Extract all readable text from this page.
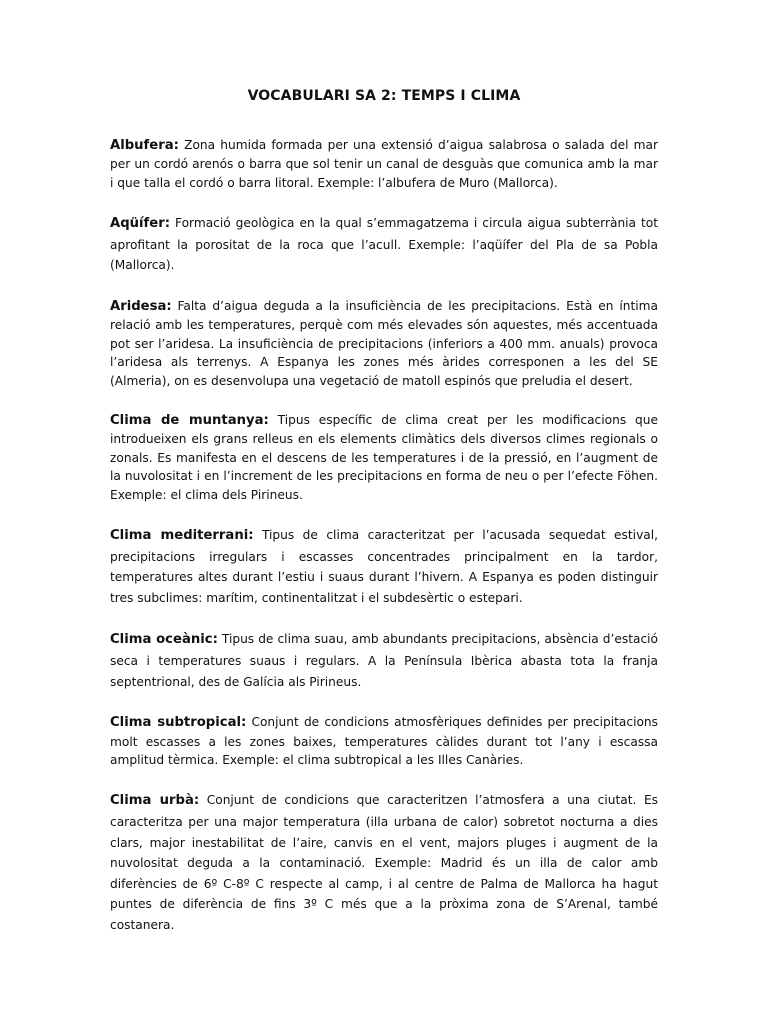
VOCABULARI SA 2: TEMPS I CLIMA

Albufera: Zona humida formada per una extensió d’aigua salabrosa o salada del mar per un cordó arenós o barra que sol tenir un canal de desguàs que comunica amb la mar i que talla el cordó o barra litoral. Exemple: l’albufera de Muro (Mallorca).

Aqüífer: Formació geològica en la qual s’emmagatzema i circula aigua subterrània tot aprofitant la porositat de la roca que l’acull. Exemple: l’aqüífer del Pla de sa Pobla (Mallorca).

Aridesa: Falta d’aigua deguda a la insuficiència de les precipitacions. Està en íntima relació amb les temperatures, perquè com més elevades són aquestes, més accentuada pot ser l’aridesa. La insuficiència de precipitacions (inferiors a 400 mm. anuals) provoca l’aridesa als terrenys. A Espanya les zones més àrides corresponen a les del SE (Almeria), on es desenvolupa una vegetació de matoll espinós que preludia el desert.

Clima de muntanya: Tipus específic de clima creat per les modificacions que introdueixen els grans relleus en els elements climàtics dels diversos climes regionals o zonals. Es manifesta en el descens de les temperatures i de la pressió, en l’augment de la nuvolositat i en l’increment de les precipitacions en forma de neu o per l’efecte Föhen. Exemple: el clima dels Pirineus.

Clima mediterrani: Tipus de clima caracteritzat per l’acusada sequedat estival, precipitacions irregulars i escasses concentrades principalment en la tardor, temperatures altes durant l’estiu i suaus durant l’hivern. A Espanya es poden distinguir tres subclimes: marítim, continentalitzat i el subdesèrtic o estepari.

Clima oceànic: Tipus de clima suau, amb abundants precipitacions, absència d’estació seca i temperatures suaus i regulars. A la Península Ibèrica abasta tota la franja septentrional, des de Galícia als Pirineus.

Clima subtropical: Conjunt de condicions atmosfèriques definides per precipitacions molt escasses a les zones baixes, temperatures càlides durant tot l’any i escassa amplitud tèrmica. Exemple: el clima subtropical a les Illes Canàries.

Clima urbà: Conjunt de condicions que caracteritzen l’atmosfera a una ciutat. Es caracteritza per una major temperatura (illa urbana de calor) sobretot nocturna a dies clars, major inestabilitat de l’aire, canvis en el vent, majors pluges i augment de la nuvolositat deguda a la contaminació. Exemple: Madrid és un illa de calor amb diferències de 6º C-8º C respecte al camp, i al centre de Palma de Mallorca ha hagut puntes de diferència de fins 3º C més que a la pròxima zona de S’Arenal, també costanera.
